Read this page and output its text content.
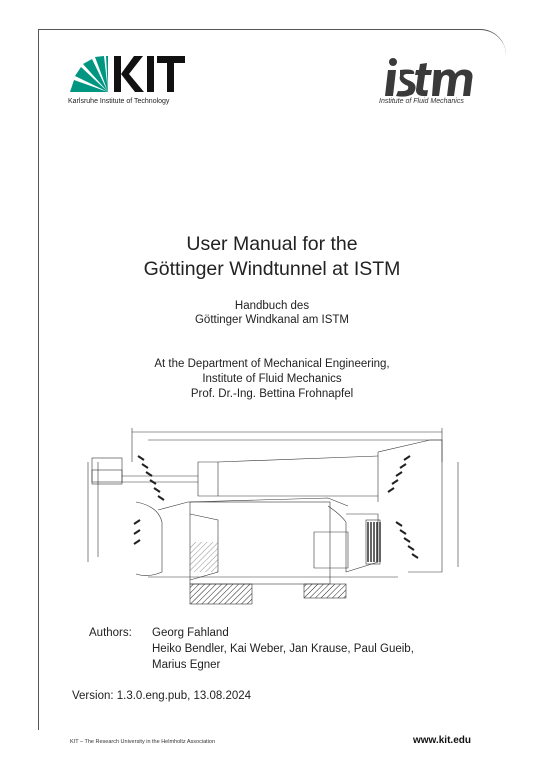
Karlsruhe Institute of Technology	Institute of Fluid Mechanics
User Manual for the
Göttinger Windtunnel at ISTM
Handbuch des
Göttinger Windkanal am ISTM
At the Department of Mechanical Engineering,
Institute of Fluid Mechanics
Prof. Dr.-Ing. Bettina Frohnapfel
Authors: Georg Fahland
Heiko Bendler, Kai Weber, Jan Krause, Paul Gueib,
Marius Egner
Version: 1.3.0.eng.pub, 13.08.2024
KIT – The Research University in the Helmholtz Association	www.kit.edu
